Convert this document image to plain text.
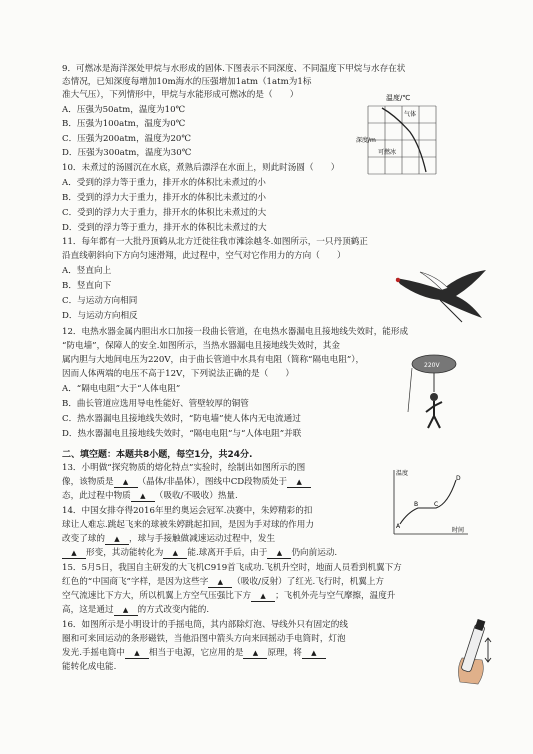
9．可燃冰是海洋深处甲烷与水形成的固体.下图表示不同深度、不同温度下甲烷与水存在状
态情况，已知深度每增加10m海水的压强增加1atm（1atm为1标
准大气压），下列情形中，甲烷与水能形成可燃冰的是（　　）
A．压强为50atm，温度为10℃
B．压强为100atm，温度为0℃
C．压强为200atm，温度为20℃
D．压强为300atm，温度为30℃
温度/℃
气体
可燃冰
深度/m
10．未煮过的汤圆沉在水底，煮熟后漂浮在水面上，则此时汤圆（　　）
A．受到的浮力等于重力，排开水的体积比未煮过的小
B．受到的浮力大于重力，排开水的体积比未煮过的小
C．受到的浮力大于重力，排开水的体积比未煮过的大
D．受到的浮力等于重力，排开水的体积比未煮过的大
11．每年都有一大批丹顶鹤从北方迁徙往我市滩涂越冬.如图所示，一只丹顶鹤正
沿直线朝斜向下方向匀速滑翔，此过程中，空气对它作用力的方向（　　）
A．竖直向上
B．竖直向下
C．与运动方向相同
D．与运动方向相反
12．电热水器金属内胆出水口加接一段曲长管道，在电热水器漏电且接地线失效时，能形成
“防电墙”，保障人的安全.如图所示，当热水器漏电且接地线失效时，其金
属内胆与大地间电压为220V，由于曲长管道中水具有电阻（简称“隔电电阻”），
因而人体两端的电压不高于12V，下列说法正确的是（　　）
A．“隔电电阻”大于“人体电阻”
B．曲长管道应选用导电性能好、管壁较厚的铜管
C．热水器漏电且接地线失效时，“防电墙”使人体内无电流通过
D．热水器漏电且接地线失效时，“隔电电阻”与“人体电阻”并联
220V
二、填空题：本题共8小题，每空1分，共24分.
13．小明做“探究物质的熔化特点”实验时，绘制出如图所示的图
像，该物质是 ▲ （晶体/非晶体），图线中CD段物质处于 ▲
态，此过程中物质 ▲ （吸收/不吸收）热量.
温度
时间
A
B	C
D
14．中国女排夺得2016年里约奥运会冠军.决赛中，朱婷精彩的扣
球让人难忘.跳起飞来的球被朱婷跳起扣回，是因为手对球的作用力
改变了球的 ▲ ，球与手接触做减速运动过程中，发生
▲ 形变，其动能转化为 ▲ 能.球离开手后，由于 ▲ 仍向前运动.
15．5月5日，我国自主研发的大飞机C919首飞成功.飞机升空时，地面人员看到机翼下方
红色的“中国商飞”字样，是因为这些字 ▲ （吸收/反射）了红光.飞行时，机翼上方
空气流速比下方大，所以机翼上方空气压强比下方 ▲ ；飞机外壳与空气摩擦，温度升
高，这是通过 ▲ 的方式改变内能的.
16．如图所示是小明设计的手摇电筒，其内部除灯泡、导线外只有固定的线
圈和可来回运动的条形磁铁，当他沿图中箭头方向来回摇动手电筒时，灯泡
发光.手摇电筒中 ▲ 相当于电源，它应用的是 ▲ 原理，将 ▲
能转化成电能.
